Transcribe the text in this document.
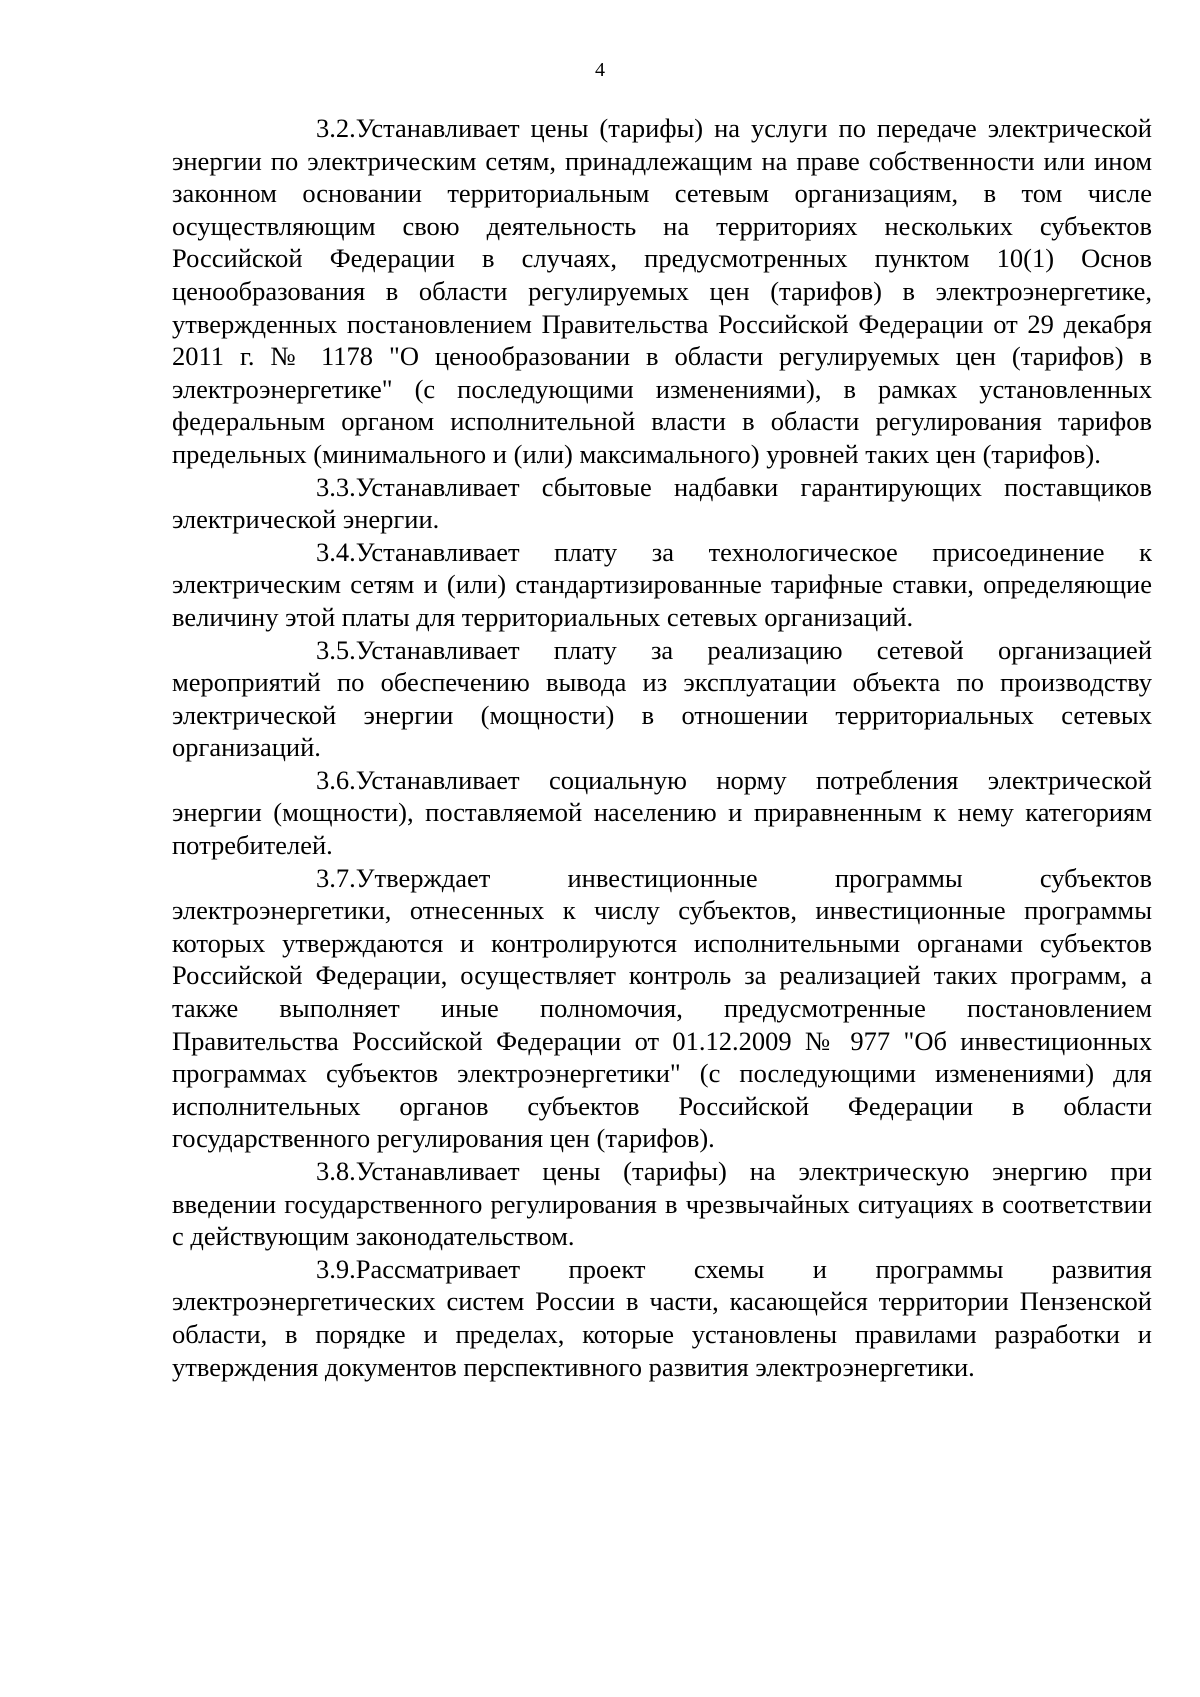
4

3.2.Устанавливает цены (тарифы) на услуги по передаче электрической энергии по электрическим сетям, принадлежащим на праве собственности или ином законном основании территориальным сетевым организациям, в том числе осуществляющим свою деятельность на территориях нескольких субъектов Российской Федерации в случаях, предусмотренных пунктом 10(1) Основ ценообразования в области регулируемых цен (тарифов) в электроэнергетике, утвержденных постановлением Правительства Российской Федерации от 29 декабря 2011 г. № 1178 "О ценообразовании в области регулируемых цен (тарифов) в электроэнергетике" (с последующими изменениями), в рамках установленных федеральным органом исполнительной власти в области регулирования тарифов предельных (минимального и (или) максимального) уровней таких цен (тарифов).

3.3.Устанавливает сбытовые надбавки гарантирующих поставщиков электрической энергии.

3.4.Устанавливает плату за технологическое присоединение к электрическим сетям и (или) стандартизированные тарифные ставки, определяющие величину этой платы для территориальных сетевых организаций.

3.5.Устанавливает плату за реализацию сетевой организацией мероприятий по обеспечению вывода из эксплуатации объекта по производству электрической энергии (мощности) в отношении территориальных сетевых организаций.

3.6.Устанавливает социальную норму потребления электрической энергии (мощности), поставляемой населению и приравненным к нему категориям потребителей.

3.7.Утверждает инвестиционные программы субъектов электроэнергетики, отнесенных к числу субъектов, инвестиционные программы которых утверждаются и контролируются исполнительными органами субъектов Российской Федерации, осуществляет контроль за реализацией таких программ, а также выполняет иные полномочия, предусмотренные постановлением Правительства Российской Федерации от 01.12.2009 № 977 "Об инвестиционных программах субъектов электроэнергетики" (с последующими изменениями) для исполнительных органов субъектов Российской Федерации в области государственного регулирования цен (тарифов).

3.8.Устанавливает цены (тарифы) на электрическую энергию при введении государственного регулирования в чрезвычайных ситуациях в соответствии с действующим законодательством.

3.9.Рассматривает проект схемы и программы развития электроэнергетических систем России в части, касающейся территории Пензенской области, в порядке и пределах, которые установлены правилами разработки и утверждения документов перспективного развития электроэнергетики.
